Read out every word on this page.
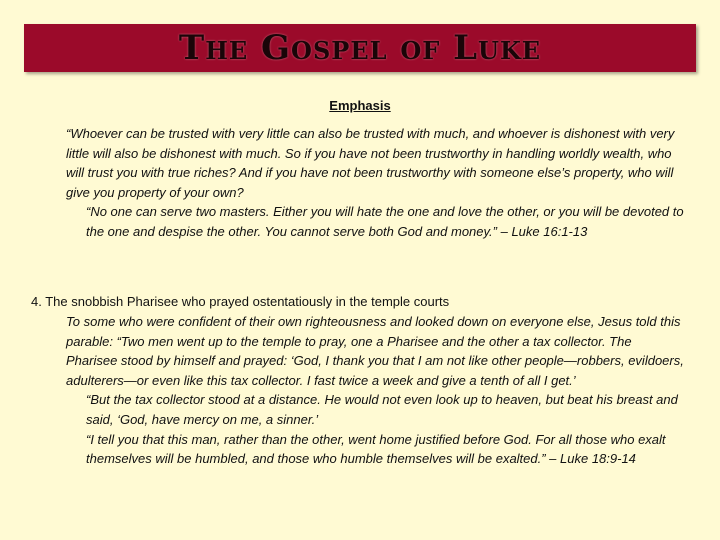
The Gospel of Luke
Emphasis

“Whoever can be trusted with very little can also be trusted with much, and whoever is dishonest with very little will also be dishonest with much. So if you have not been trustworthy in handling worldly wealth, who will trust you with true riches? And if you have not been trustworthy with someone else’s property, who will give you property of your own?

“No one can serve two masters. Either you will hate the one and love the other, or you will be devoted to the one and despise the other. You cannot serve both God and money.” – Luke 16:1-13

4. The snobbish Pharisee who prayed ostentatiously in the temple courts

To some who were confident of their own righteousness and looked down on everyone else, Jesus told this parable: “Two men went up to the temple to pray, one a Pharisee and the other a tax collector. The Pharisee stood by himself and prayed: ‘God, I thank you that I am not like other people—robbers, evildoers, adulterers—or even like this tax collector. I fast twice a week and give a tenth of all I get.’

“But the tax collector stood at a distance. He would not even look up to heaven, but beat his breast and said, ‘God, have mercy on me, a sinner.’

“I tell you that this man, rather than the other, went home justified before God. For all those who exalt themselves will be humbled, and those who humble themselves will be exalted.” – Luke 18:9-14
